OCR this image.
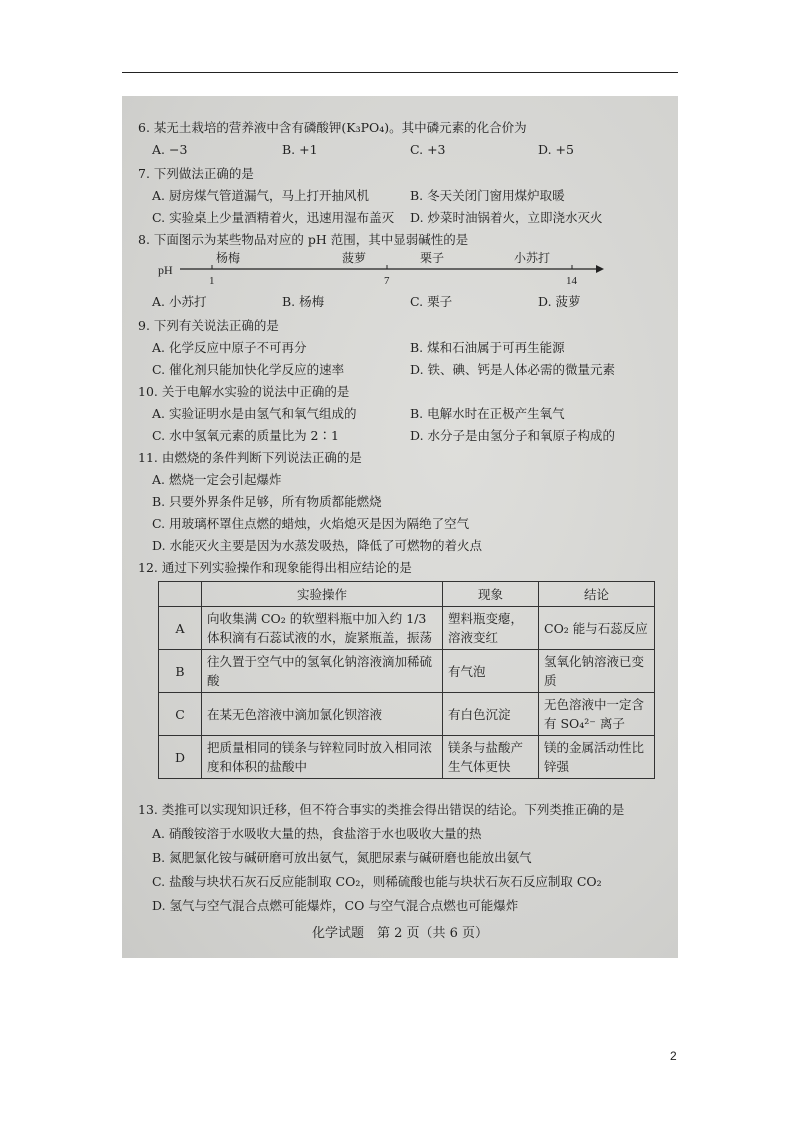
6. 某无土栽培的营养液中含有磷酸钾(K₃PO₄)。其中磷元素的化合价为
A. −3	B. +1	C. +3	D. +5
7. 下列做法正确的是
A. 厨房煤气管道漏气，马上打开抽风机	B. 冬天关闭门窗用煤炉取暖
C. 实验桌上少量酒精着火，迅速用湿布盖灭 D. 炒菜时油锅着火，立即浇水灭火
8. 下面图示为某些物品对应的 pH 范围，其中显弱碱性的是
pH
杨梅	菠萝	栗子	小苏打
1	7	14
A. 小苏打	B. 杨梅	C. 栗子	D. 菠萝
9. 下列有关说法正确的是
A. 化学反应中原子不可再分	B. 煤和石油属于可再生能源
C. 催化剂只能加快化学反应的速率	D. 铁、碘、钙是人体必需的微量元素
10. 关于电解水实验的说法中正确的是
A. 实验证明水是由氢气和氧气组成的	B. 电解水时在正极产生氧气
C. 水中氢氧元素的质量比为 2∶1	D. 水分子是由氢分子和氧原子构成的
11. 由燃烧的条件判断下列说法正确的是
A. 燃烧一定会引起爆炸
B. 只要外界条件足够，所有物质都能燃烧
C. 用玻璃杯罩住点燃的蜡烛，火焰熄灭是因为隔绝了空气
D. 水能灭火主要是因为水蒸发吸热，降低了可燃物的着火点
12. 通过下列实验操作和现象能得出相应结论的是
	实验操作	现象	结论
A	向收集满 CO₂ 的软塑料瓶中加入约 1/3 体积滴有石蕊试液的水，旋紧瓶盖，振荡	塑料瓶变瘪，溶液变红	CO₂ 能与石蕊反应
B	往久置于空气中的氢氧化钠溶液滴加稀硫酸	有气泡	氢氧化钠溶液已变质
C	在某无色溶液中滴加氯化钡溶液	有白色沉淀	无色溶液中一定含有 SO₄²⁻ 离子
D	把质量相同的镁条与锌粒同时放入相同浓度和体积的盐酸中	镁条与盐酸产生气体更快	镁的金属活动性比锌强
13. 类推可以实现知识迁移，但不符合事实的类推会得出错误的结论。下列类推正确的是
A. 硝酸铵溶于水吸收大量的热，食盐溶于水也吸收大量的热
B. 氮肥氯化铵与碱研磨可放出氨气，氮肥尿素与碱研磨也能放出氨气
C. 盐酸与块状石灰石反应能制取 CO₂，则稀硫酸也能与块状石灰石反应制取 CO₂
D. 氢气与空气混合点燃可能爆炸，CO 与空气混合点燃也可能爆炸
化学试题　第 2 页（共 6 页）
2
